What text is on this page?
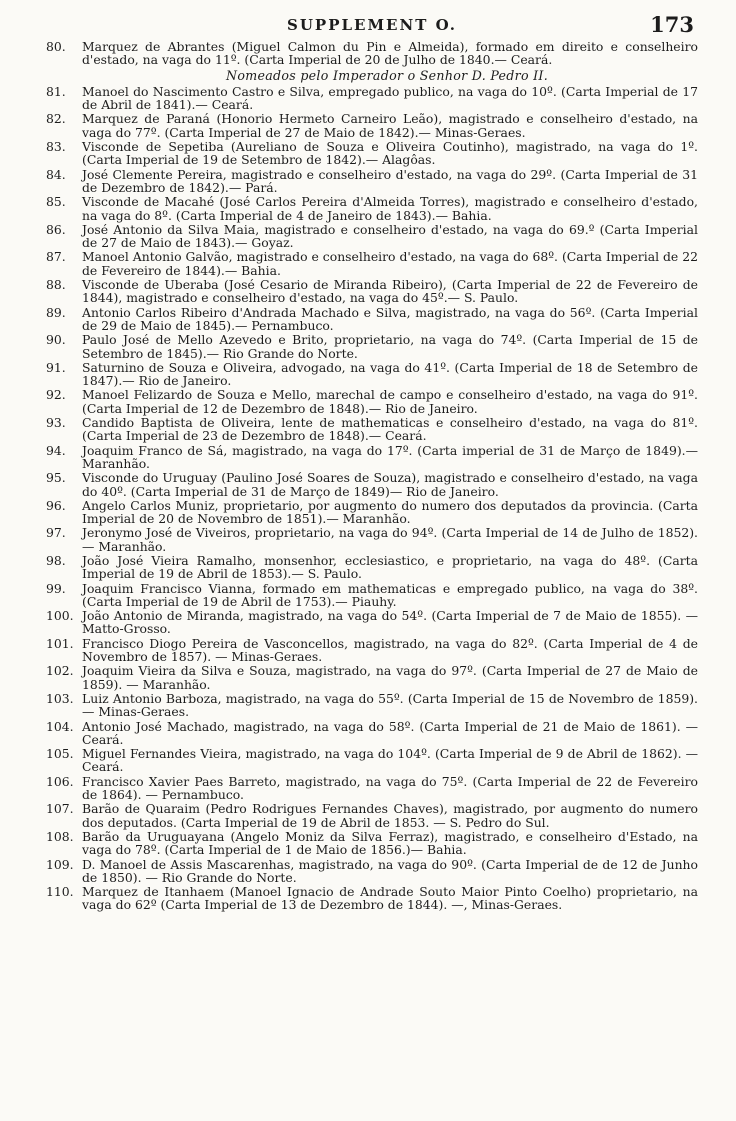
SUPPLEMENT O.	173
80.	Marquez de Abrantes (Miguel Calmon du Pin e Almeida), formado em direito e conselheiro d'estado, na vaga do 11º. (Carta Imperial de 20 de Julho de 1840.— Ceará.
Nomeados pelo Imperador o Senhor D. Pedro II.
81.	Manoel do Nascimento Castro e Silva, empregado publico, na vaga do 10º. (Carta Imperial de 17 de Abril de 1841).— Ceará.
82.	Marquez de Paraná (Honorio Hermeto Carneiro Leão), magistrado e conselheiro d'estado, na vaga do 77º. (Carta Imperial de 27 de Maio de 1842).— Minas-Geraes.
83.	Visconde de Sepetiba (Aureliano de Souza e Oliveira Coutinho), magistrado, na vaga do 1º. (Carta Imperial de 19 de Setembro de 1842).— Alagôas.
84.	José Clemente Pereira, magistrado e conselheiro d'estado, na vaga do 29º. (Carta Imperial de 31 de Dezembro de 1842).— Pará.
85.	Visconde de Macahé (José Carlos Pereira d'Almeida Torres), magistrado e conselheiro d'estado, na vaga do 8º. (Carta Imperial de 4 de Janeiro de 1843).— Bahia.
86.	José Antonio da Silva Maia, magistrado e conselheiro d'estado, na vaga do 69.º (Carta Imperial de 27 de Maio de 1843).— Goyaz.
87.	Manoel Antonio Galvão, magistrado e conselheiro d'estado, na vaga do 68º. (Carta Imperial de 22 de Fevereiro de 1844).— Bahia.
88.	Visconde de Uberaba (José Cesario de Miranda Ribeiro), (Carta Imperial de 22 de Fevereiro de 1844), magistrado e conselheiro d'estado, na vaga do 45º.— S. Paulo.
89.	Antonio Carlos Ribeiro d'Andrada Machado e Silva, magistrado, na vaga do 56º. (Carta Imperial de 29 de Maio de 1845).— Pernambuco.
90.	Paulo José de Mello Azevedo e Brito, proprietario, na vaga do 74º. (Carta Imperial de 15 de Setembro de 1845).— Rio Grande do Norte.
91.	Saturnino de Souza e Oliveira, advogado, na vaga do 41º. (Carta Imperial de 18 de Setembro de 1847).— Rio de Janeiro.
92.	Manoel Felizardo de Souza e Mello, marechal de campo e conselheiro d'estado, na vaga do 91º. (Carta Imperial de 12 de Dezembro de 1848).— Rio de Janeiro.
93.	Candido Baptista de Oliveira, lente de mathematicas e conselheiro d'estado, na vaga do 81º. (Carta Imperial de 23 de Dezembro de 1848).— Ceará.
94.	Joaquim Franco de Sá, magistrado, na vaga do 17º. (Carta imperial de 31 de Março de 1849).— Maranhão.
95.	Visconde do Uruguay (Paulino José Soares de Souza), magistrado e conselheiro d'estado, na vaga do 40º. (Carta Imperial de 31 de Março de 1849)— Rio de Janeiro.
96.	Angelo Carlos Muniz, proprietario, por augmento do numero dos deputados da provincia. (Carta Imperial de 20 de Novembro de 1851).— Maranhão.
97.	Jeronymo José de Viveiros, proprietario, na vaga do 94º. (Carta Imperial de 14 de Julho de 1852).— Maranhão.
98.	João José Vieira Ramalho, monsenhor, ecclesiastico, e proprietario, na vaga do 48º. (Carta Imperial de 19 de Abril de 1853).— S. Paulo.
99.	Joaquim Francisco Vianna, formado em mathematicas e empregado publico, na vaga do 38º. (Carta Imperial de 19 de Abril de 1753).— Piauhy.
100. João Antonio de Miranda, magistrado, na vaga do 54º. (Carta Imperial de 7 de Maio de 1855). — Matto-Grosso.
101. Francisco Diogo Pereira de Vasconcellos, magistrado, na vaga do 82º. (Carta Imperial de 4 de Novembro de 1857). — Minas-Geraes.
102. Joaquim Vieira da Silva e Souza, magistrado, na vaga do 97º. (Carta Imperial de 27 de Maio de 1859). — Maranhão.
103. Luiz Antonio Barboza, magistrado, na vaga do 55º. (Carta Imperial de 15 de Novembro de 1859).— Minas-Geraes.
104. Antonio José Machado, magistrado, na vaga do 58º. (Carta Imperial de 21 de Maio de 1861). — Ceará.
105. Miguel Fernandes Vieira, magistrado, na vaga do 104º. (Carta Imperial de 9 de Abril de 1862). — Ceará.
106. Francisco Xavier Paes Barreto, magistrado, na vaga do 75º. (Carta Imperial de 22 de Fevereiro de 1864). — Pernambuco.
107. Barão de Quaraim (Pedro Rodrigues Fernandes Chaves), magistrado, por augmento do numero dos deputados. (Carta Imperial de 19 de Abril de 1853. — S. Pedro do Sul.
108. Barão da Uruguayana (Angelo Moniz da Silva Ferraz), magistrado, e conselheiro d'Estado, na vaga do 78º. (Carta Imperial de 1 de Maio de 1856.)— Bahia.
109. D. Manoel de Assis Mascarenhas, magistrado, na vaga do 90º. (Carta Imperial de de 12 de Junho de 1850). — Rio Grande do Norte.
110. Marquez de Itanhaem (Manoel Ignacio de Andrade Souto Maior Pinto Coelho) proprietario, na vaga do 62º (Carta Imperial de 13 de Dezembro de 1844). —, Minas-Geraes.
